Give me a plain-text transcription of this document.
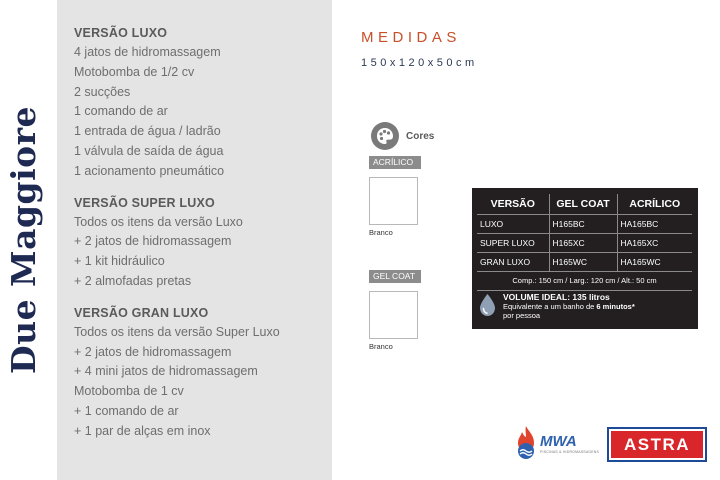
Due Maggiore
VERSÃO LUXO
4 jatos de hidromassagem
Motobomba de 1/2 cv
2 sucções
1 comando de ar
1 entrada de água / ladrão
1 válvula de saída de água
1 acionamento pneumático
VERSÃO SUPER LUXO
Todos os itens da versão Luxo
+ 2 jatos de hidromassagem
+ 1 kit hidráulico
+ 2 almofadas pretas
VERSÃO GRAN LUXO
Todos os itens da versão Super Luxo
+ 2 jatos de hidromassagem
+ 4 mini jatos de hidromassagem
Motobomba de 1 cv
+ 1 comando de ar
+ 1 par de alças em inox
MEDIDAS
150x120x50cm
Cores
ACRÍLICO
Branco
GEL COAT
Branco
VERSÃO	GEL COAT	ACRÍLICO
LUXO	H165BC	HA165BC
SUPER LUXO	H165XC	HA165XC
GRAN LUXO	H165WC	HA165WC
Comp.: 150 cm / Larg.: 120 cm / Alt.: 50 cm		
VOLUME IDEAL: 135 litros
Equivalente a um banho de 6 minutos*
por pessoa
MWA
PISCINAS & HIDROMASSAGENS	ASTRA
